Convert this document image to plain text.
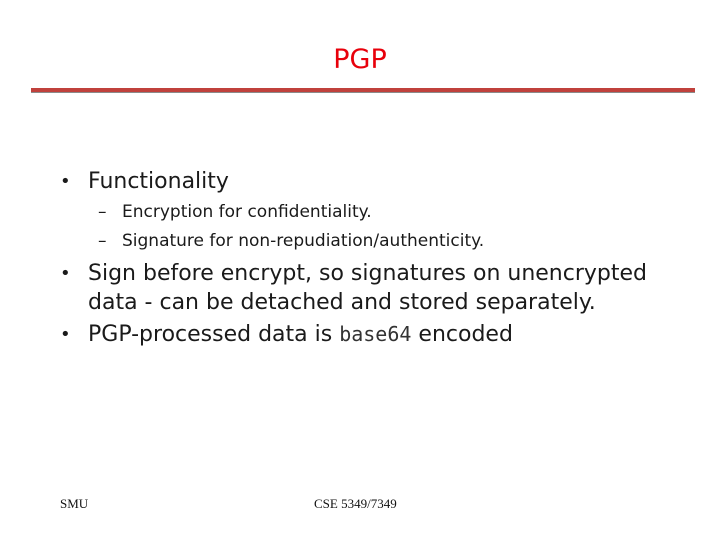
PGP
• Functionality
– Encryption for confidentiality.
– Signature for non-repudiation/authenticity.
• Sign before encrypt, so signatures on unencrypted
data - can be detached and stored separately.
• PGP-processed data is base64 encoded
SMU	CSE 5349/7349
